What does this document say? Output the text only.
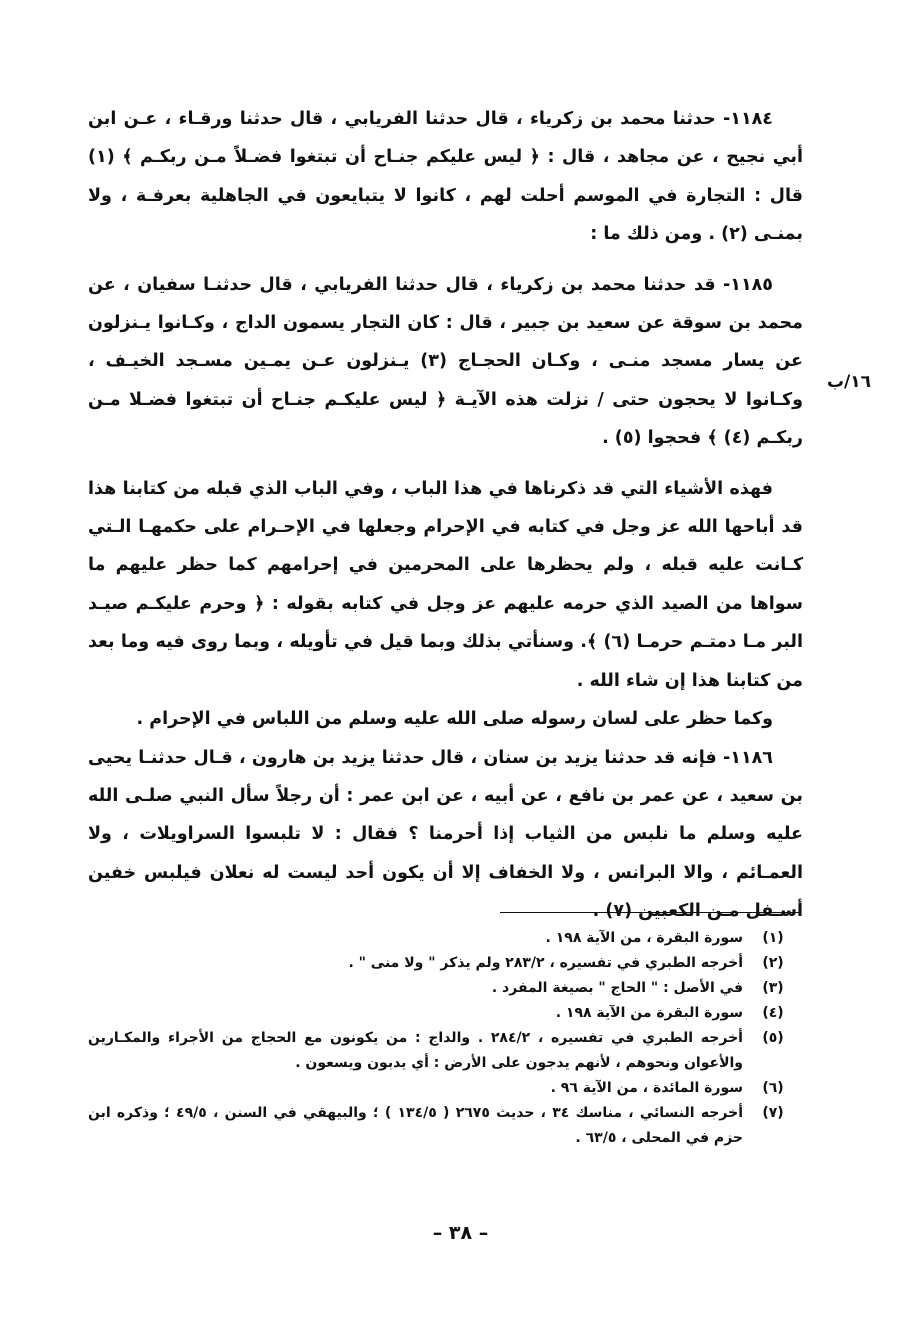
١١٨٤- حدثنا محمد بن زكرياء ، قال حدثنا الفريابي ، قال حدثنا ورقـاء ، عـن ابن أبي نجيح ، عن مجاهد ، قال : ﴿ ليس عليكم جنـاح أن تبتغوا فضـلاً مـن ربكـم ﴾ (١) قال : التجارة في الموسم أحلت لهم ، كانوا لا يتبايعون في الجاهلية بعرفـة ، ولا بمنـى (٢) . ومن ذلك ما :

١١٨٥- قد حدثنا محمد بن زكرياء ، قال حدثنا الفريابي ، قال حدثنـا سفيان ، عن محمد بن سوقة عن سعيد بن جبير ، قال : كان التجار يسمون الداج ، وكـانوا يـنزلون عن يسار مسجد منـى ، وكـان الحجـاج (٣) يـنزلون عـن يمـين مسـجد الخيـف ، وكـانوا لا يحجون حتى / نزلت هذه الآيـة ﴿ ليس عليكـم جنـاح أن تبتغوا فضـلا مـن ربكـم (٤) ﴾ فحجوا (٥) .

فهذه الأشياء التي قد ذكرناها في هذا الباب ، وفي الباب الذي قبله من كتابنا هذا قد أباحها الله عز وجل في كتابه في الإحرام وجعلها في الإحـرام على حكمهـا الـتي كـانت عليه قبله ، ولم يحظرها على المحرمين في إحرامهم كما حظر عليهم ما سواها من الصيد الذي حرمه عليهم عز وجل في كتابه بقوله : ﴿ وحرم عليكـم صيـد البر مـا دمتـم حرمـا (٦) ﴾. وسنأتي بذلك وبما قيل في تأويله ، وبما روى فيه وما بعد من كتابنا هذا إن شاء الله .

وكما حظر على لسان رسوله صلى الله عليه وسلم من اللباس في الإحرام .

١١٨٦- فإنه قد حدثنا يزيد بن سنان ، قال حدثنا يزيد بن هارون ، قـال حدثنـا يحيى بن سعيد ، عن عمر بن نافع ، عن أبيه ، عن ابن عمر : أن رجلاً سأل النبي صلـى الله عليه وسلم ما نلبس من الثياب إذا أحرمنا ؟ فقال : لا تلبسوا السراويلات ، ولا العمـائم ، والا البرانس ، ولا الخفاف إلا أن يكون أحد ليست له نعلان فيلبس خفين أسـفل مـن الكعبين (٧) .

١٦/ب
(١)
سورة البقرة ، من الآية ١٩٨ .
(٢)
أخرجه الطبري في تفسيره ، ٢٨٣/٢ ولم يذكر " ولا منى " .
(٣)
في الأصل : " الحاج " بصيغة المفرد .
(٤)
سورة البقرة من الآية ١٩٨ .
(٥)
أخرجه الطبري في تفسيره ، ٢٨٤/٢ . والداج : من يكونون مع الحجاج من الأجراء والمكـارين والأعوان ونحوهم ، لأنهم يدجون على الأرض : أي يدبون ويسعون .
(٦)
سورة المائدة ، من الآية ٩٦ .
(٧)
أخرجه النسائي ، مناسك ٣٤ ، حديث ٢٦٧٥ ( ١٣٤/٥ ) ؛ والبيهقي في السنن ، ٤٩/٥ ؛ وذكره ابن حزم في المحلى ، ٦٣/٥ .
– ٣٨ –
